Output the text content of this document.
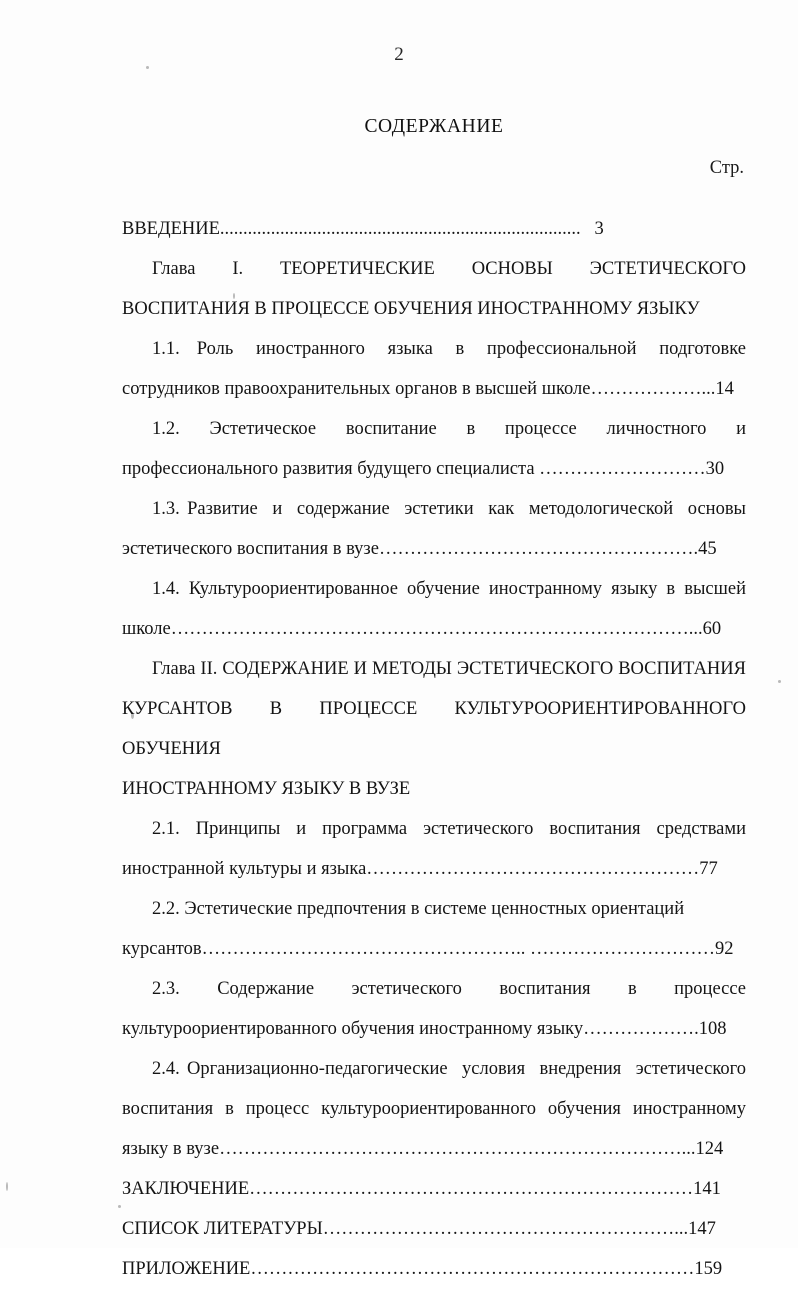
2
СОДЕРЖАНИЕ
Стр.

ВВЕДЕНИЕ..............................................................................   3

Глава    I.    ТЕОРЕТИЧЕСКИЕ    ОСНОВЫ    ЭСТЕТИЧЕСКОГО

ВОСПИТАНИЯ В ПРОЦЕССЕ ОБУЧЕНИЯ ИНОСТРАННОМУ ЯЗЫКУ

1.1.   Роль    иностранного    языка    в    профессиональной    подготовке

сотрудников правоохранительных органов в высшей школе………………...14

1.2.     Эстетическое     воспитание     в     процессе     личностного     и

профессионального развития будущего специалиста ………………………30

1.3. Развитие  и  содержание  эстетики  как  методологической  основы

эстетического воспитания в вузе…………………………………………….45

1.4. Культуроориентированное обучение иностранному языку в высшей

школе…………………………………………………………………………...60

Глава II. СОДЕРЖАНИЕ И МЕТОДЫ ЭСТЕТИЧЕСКОГО ВОСПИТАНИЯ

КУРСАНТОВ  В  ПРОЦЕССЕ  КУЛЬТУРООРИЕНТИРОВАННОГО  ОБУЧЕНИЯ

ИНОСТРАННОМУ ЯЗЫКУ В ВУЗЕ

2.1.  Принципы  и  программа  эстетического  воспитания  средствами

иностранной культуры и языка………………………………………………77

2.2. Эстетические предпочтения в системе ценностных ориентаций

курсантов…………………………………………….. …………………………92

2.3.      Содержание      эстетического      воспитания      в      процессе

культуроориентированного обучения иностранному языку……………….108

2.4. Организационно-педагогические  условия  внедрения  эстетического

воспитания  в  процесс  культуроориентированного  обучения  иностранному

языку в вузе…………………………………………………………………...124

ЗАКЛЮЧЕНИЕ………………………………………………………………141

СПИСОК ЛИТЕРАТУРЫ…………………………………………………...147

ПРИЛОЖЕНИЕ………………………………………………………………159
